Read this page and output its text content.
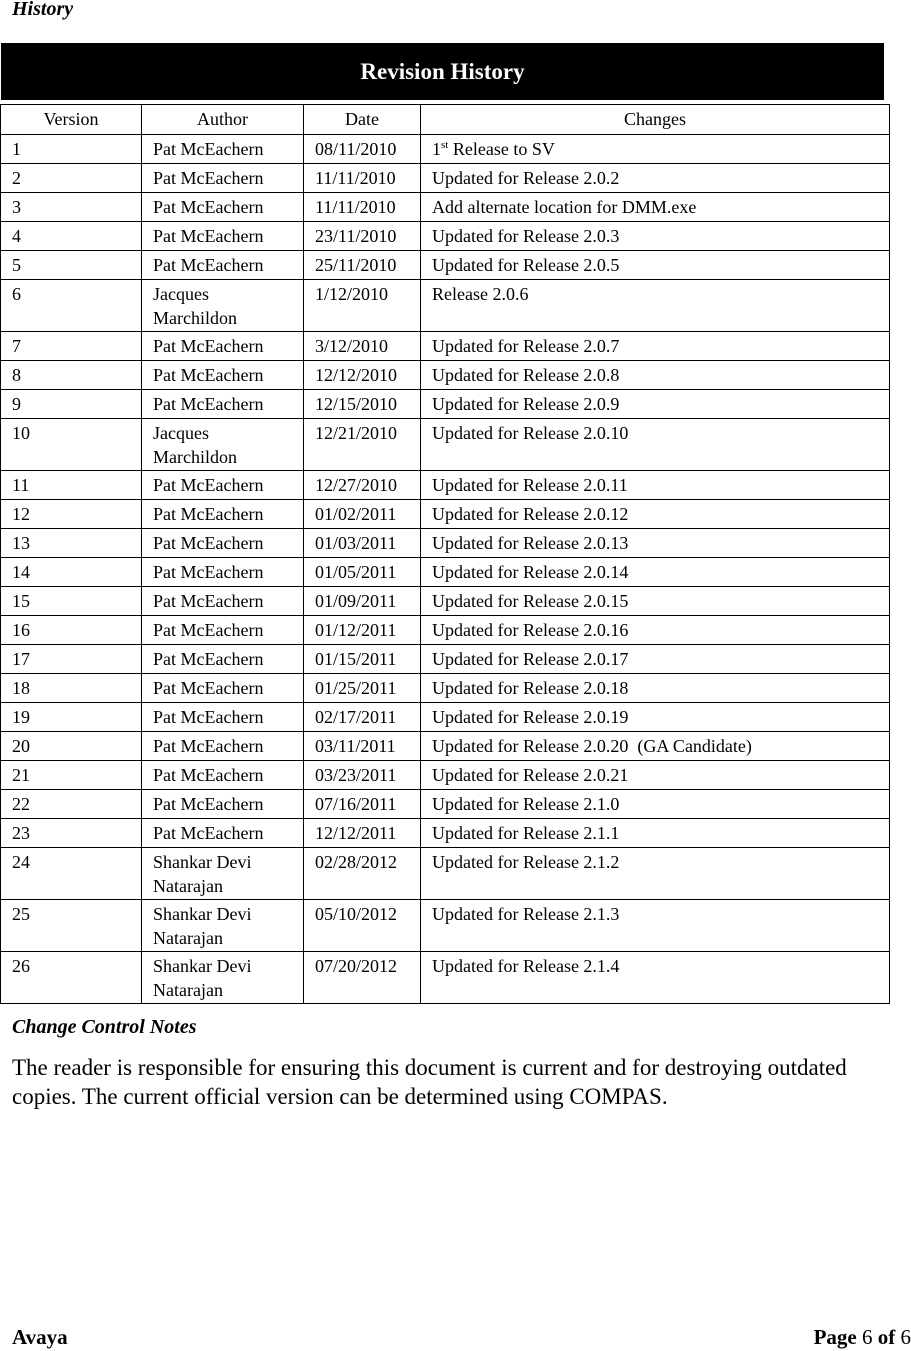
History
Revision History
Version	Author	Date	Changes
1	Pat McEachern	08/11/2010	1st Release to SV
2	Pat McEachern	11/11/2010	Updated for Release 2.0.2
3	Pat McEachern	11/11/2010	Add alternate location for DMM.exe
4	Pat McEachern	23/11/2010	Updated for Release 2.0.3
5	Pat McEachern	25/11/2010	Updated for Release 2.0.5
6	Jacques Marchildon	1/12/2010	Release 2.0.6
7	Pat McEachern	3/12/2010	Updated for Release 2.0.7
8	Pat McEachern	12/12/2010	Updated for Release 2.0.8
9	Pat McEachern	12/15/2010	Updated for Release 2.0.9
10	Jacques Marchildon	12/21/2010	Updated for Release 2.0.10
11	Pat McEachern	12/27/2010	Updated for Release 2.0.11
12	Pat McEachern	01/02/2011	Updated for Release 2.0.12
13	Pat McEachern	01/03/2011	Updated for Release 2.0.13
14	Pat McEachern	01/05/2011	Updated for Release 2.0.14
15	Pat McEachern	01/09/2011	Updated for Release 2.0.15
16	Pat McEachern	01/12/2011	Updated for Release 2.0.16
17	Pat McEachern	01/15/2011	Updated for Release 2.0.17
18	Pat McEachern	01/25/2011	Updated for Release 2.0.18
19	Pat McEachern	02/17/2011	Updated for Release 2.0.19
20	Pat McEachern	03/11/2011	Updated for Release 2.0.20  (GA Candidate)
21	Pat McEachern	03/23/2011	Updated for Release 2.0.21
22	Pat McEachern	07/16/2011	Updated for Release 2.1.0
23	Pat McEachern	12/12/2011	Updated for Release 2.1.1
24	Shankar Devi Natarajan	02/28/2012	Updated for Release 2.1.2
25	Shankar Devi Natarajan	05/10/2012	Updated for Release 2.1.3
26	Shankar Devi Natarajan	07/20/2012	Updated for Release 2.1.4
Change Control Notes
The reader is responsible for ensuring this document is current and for destroying outdated copies. The current official version can be determined using COMPAS.
Avaya	Page 6 of 6
